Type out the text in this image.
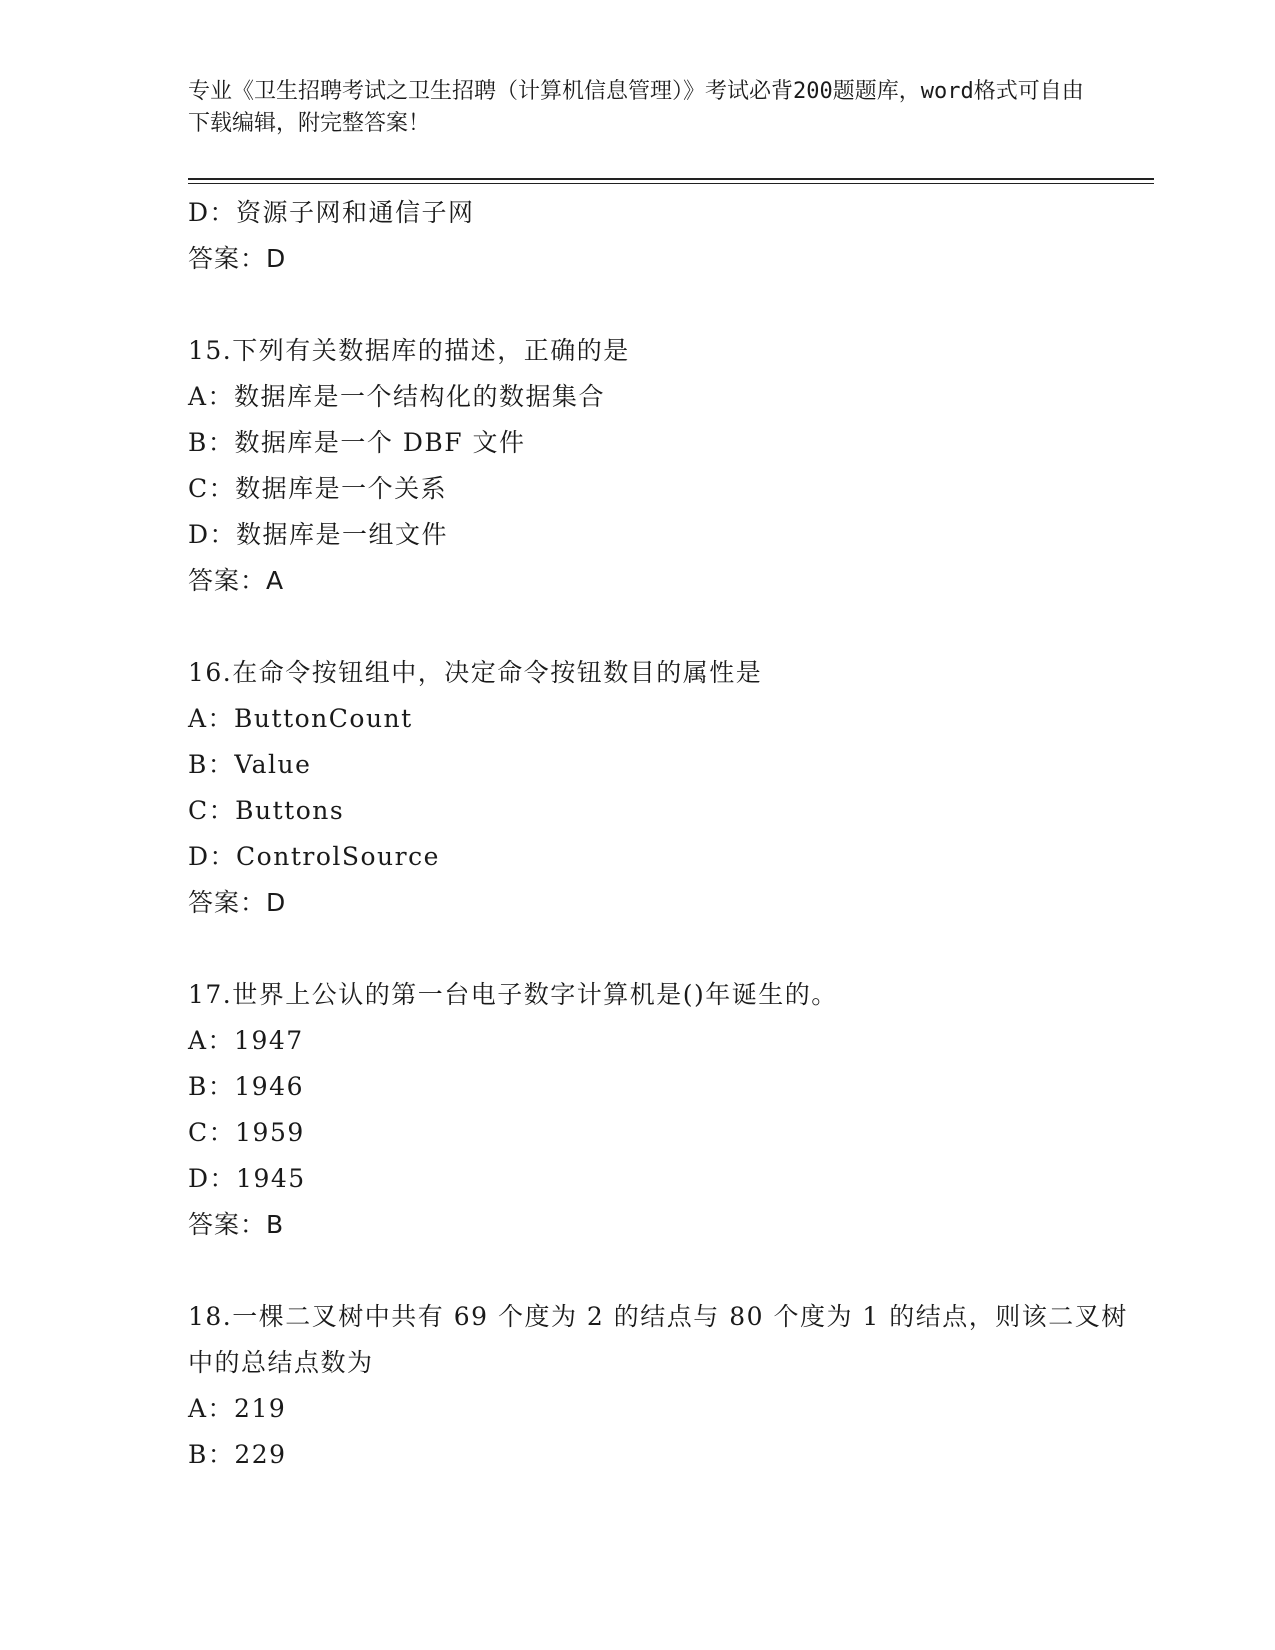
专业《卫生招聘考试之卫生招聘（计算机信息管理）》考试必背200题题库，word格式可自由下载编辑，附完整答案！
D：资源子网和通信子网
答案：D
15.下列有关数据库的描述，正确的是
A：数据库是一个结构化的数据集合
B：数据库是一个 DBF 文件
C：数据库是一个关系
D：数据库是一组文件
答案：A
16.在命令按钮组中，决定命令按钮数目的属性是
A：ButtonCount
B：Value
C：Buttons
D：ControlSource
答案：D
17.世界上公认的第一台电子数字计算机是()年诞生的。
A：1947
B：1946
C：1959
D：1945
答案：B
18.一棵二叉树中共有 69 个度为 2 的结点与 80 个度为 1 的结点，则该二叉树中的总结点数为
A：219
B：229
